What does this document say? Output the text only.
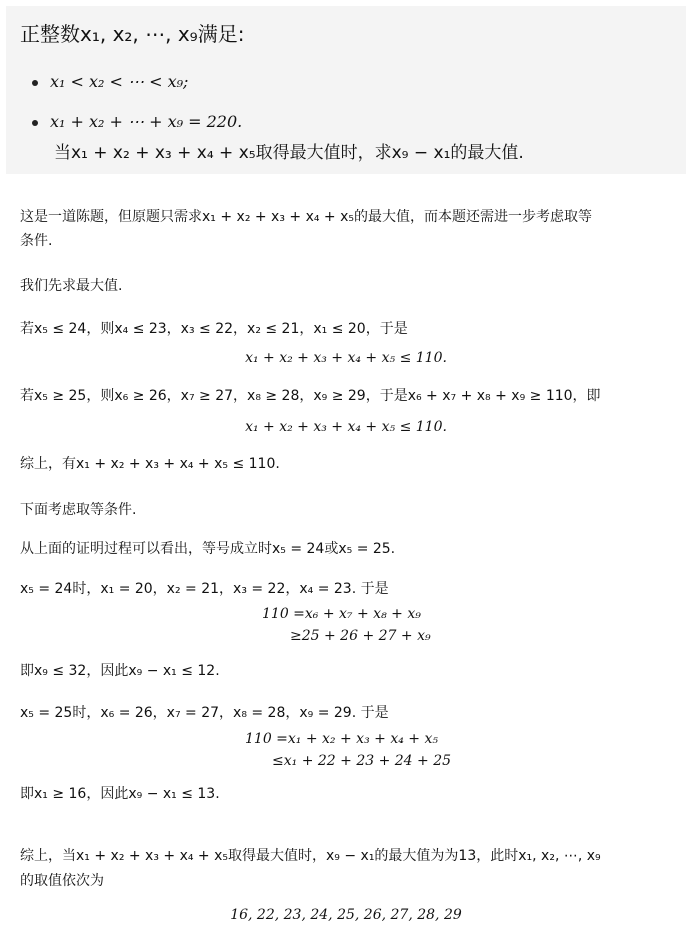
正整数x₁, x₂, ⋯, x₉满足:
x₁ < x₂ < ⋯ < x₉;
x₁ + x₂ + ⋯ + x₉ = 220.
当x₁ + x₂ + x₃ + x₄ + x₅取得最大值时，求x₉ − x₁的最大值.
这是一道陈题，但原题只需求x₁ + x₂ + x₃ + x₄ + x₅的最大值，而本题还需进一步考虑取等
条件.
我们先求最大值.
若x₅ ≤ 24，则x₄ ≤ 23，x₃ ≤ 22，x₂ ≤ 21，x₁ ≤ 20，于是
x₁ + x₂ + x₃ + x₄ + x₅ ≤ 110.
若x₅ ≥ 25，则x₆ ≥ 26，x₇ ≥ 27，x₈ ≥ 28，x₉ ≥ 29，于是x₆ + x₇ + x₈ + x₉ ≥ 110，即
x₁ + x₂ + x₃ + x₄ + x₅ ≤ 110.
综上，有x₁ + x₂ + x₃ + x₄ + x₅ ≤ 110.
下面考虑取等条件.
从上面的证明过程可以看出，等号成立时x₅ = 24或x₅ = 25.
x₅ = 24时，x₁ = 20，x₂ = 21，x₃ = 22，x₄ = 23. 于是
110 =x₆ + x₇ + x₈ + x₉
≥25 + 26 + 27 + x₉
即x₉ ≤ 32，因此x₉ − x₁ ≤ 12.
x₅ = 25时，x₆ = 26，x₇ = 27，x₈ = 28，x₉ = 29. 于是
110 =x₁ + x₂ + x₃ + x₄ + x₅
≤x₁ + 22 + 23 + 24 + 25
即x₁ ≥ 16，因此x₉ − x₁ ≤ 13.
综上，当x₁ + x₂ + x₃ + x₄ + x₅取得最大值时，x₉ − x₁的最大值为为13，此时x₁, x₂, ⋯, x₉
的取值依次为
16, 22, 23, 24, 25, 26, 27, 28, 29
